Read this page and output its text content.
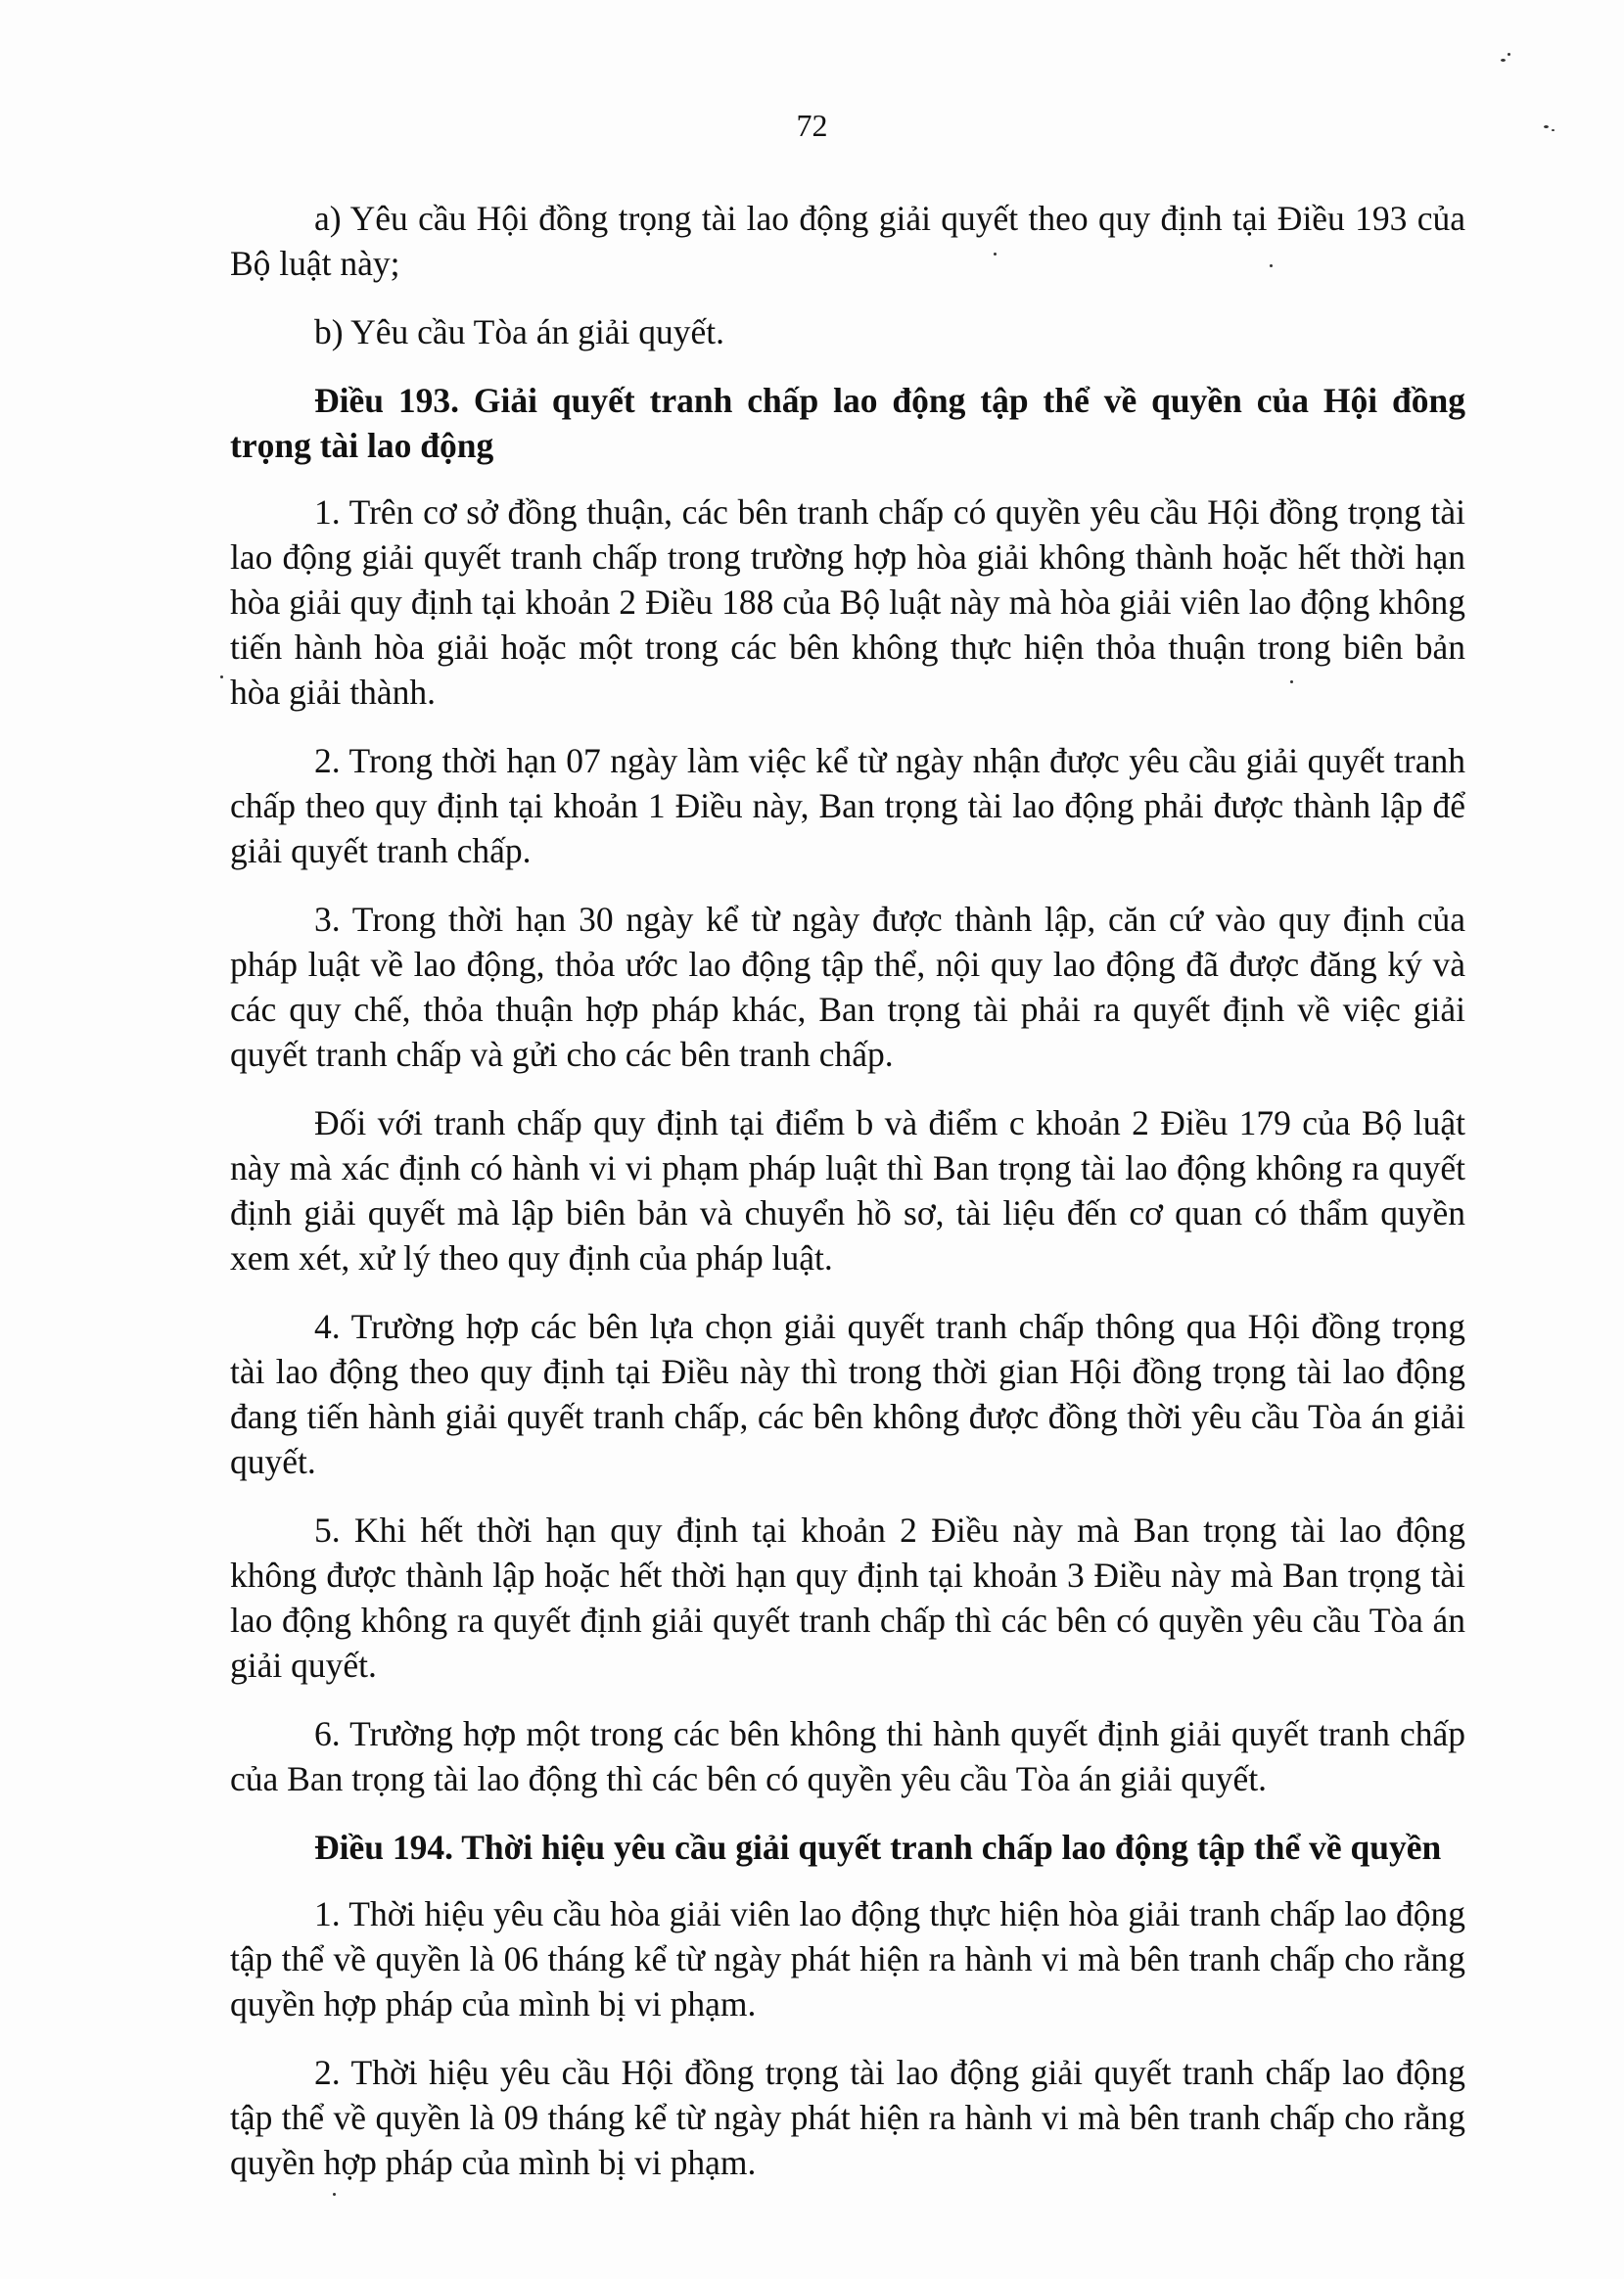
72

a) Yêu cầu Hội đồng trọng tài lao động giải quyết theo quy định tại Điều 193 của Bộ luật này;

b) Yêu cầu Tòa án giải quyết.

Điều 193. Giải quyết tranh chấp lao động tập thể về quyền của Hội đồng trọng tài lao động

1. Trên cơ sở đồng thuận, các bên tranh chấp có quyền yêu cầu Hội đồng trọng tài lao động giải quyết tranh chấp trong trường hợp hòa giải không thành hoặc hết thời hạn hòa giải quy định tại khoản 2 Điều 188 của Bộ luật này mà hòa giải viên lao động không tiến hành hòa giải hoặc một trong các bên không thực hiện thỏa thuận trong biên bản hòa giải thành.

2. Trong thời hạn 07 ngày làm việc kể từ ngày nhận được yêu cầu giải quyết tranh chấp theo quy định tại khoản 1 Điều này, Ban trọng tài lao động phải được thành lập để giải quyết tranh chấp.

3. Trong thời hạn 30 ngày kể từ ngày được thành lập, căn cứ vào quy định của pháp luật về lao động, thỏa ước lao động tập thể, nội quy lao động đã được đăng ký và các quy chế, thỏa thuận hợp pháp khác, Ban trọng tài phải ra quyết định về việc giải quyết tranh chấp và gửi cho các bên tranh chấp.

Đối với tranh chấp quy định tại điểm b và điểm c khoản 2 Điều 179 của Bộ luật này mà xác định có hành vi vi phạm pháp luật thì Ban trọng tài lao động không ra quyết định giải quyết mà lập biên bản và chuyển hồ sơ, tài liệu đến cơ quan có thẩm quyền xem xét, xử lý theo quy định của pháp luật.

4. Trường hợp các bên lựa chọn giải quyết tranh chấp thông qua Hội đồng trọng tài lao động theo quy định tại Điều này thì trong thời gian Hội đồng trọng tài lao động đang tiến hành giải quyết tranh chấp, các bên không được đồng thời yêu cầu Tòa án giải quyết.

5. Khi hết thời hạn quy định tại khoản 2 Điều này mà Ban trọng tài lao động không được thành lập hoặc hết thời hạn quy định tại khoản 3 Điều này mà Ban trọng tài lao động không ra quyết định giải quyết tranh chấp thì các bên có quyền yêu cầu Tòa án giải quyết.

6. Trường hợp một trong các bên không thi hành quyết định giải quyết tranh chấp của Ban trọng tài lao động thì các bên có quyền yêu cầu Tòa án giải quyết.

Điều 194. Thời hiệu yêu cầu giải quyết tranh chấp lao động tập thể về quyền

1. Thời hiệu yêu cầu hòa giải viên lao động thực hiện hòa giải tranh chấp lao động tập thể về quyền là 06 tháng kể từ ngày phát hiện ra hành vi mà bên tranh chấp cho rằng quyền hợp pháp của mình bị vi phạm.

2. Thời hiệu yêu cầu Hội đồng trọng tài lao động giải quyết tranh chấp lao động tập thể về quyền là 09 tháng kể từ ngày phát hiện ra hành vi mà bên tranh chấp cho rằng quyền hợp pháp của mình bị vi phạm.
